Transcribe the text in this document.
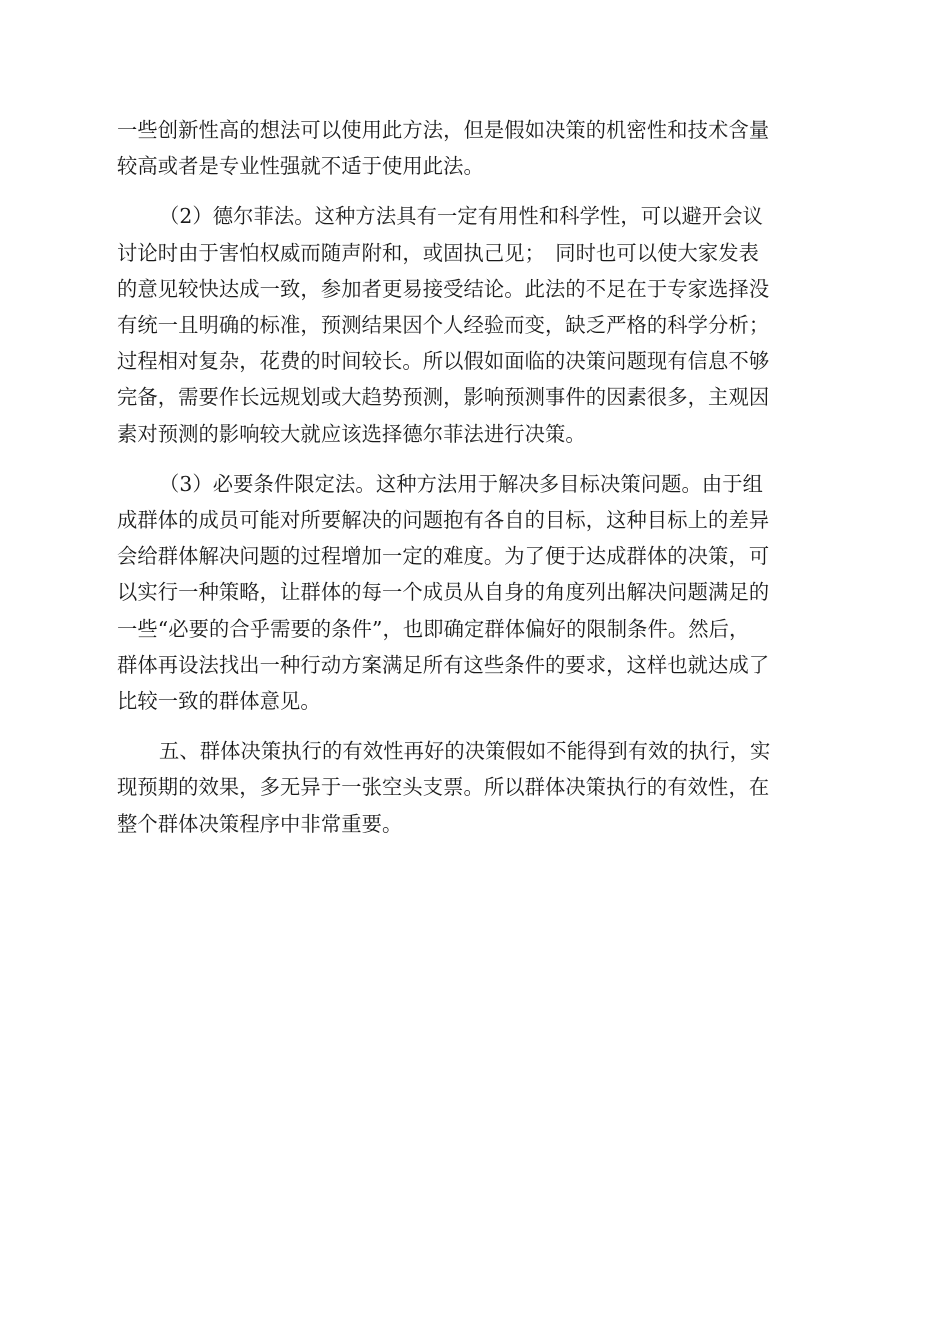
一些创新性高的想法可以使用此方法，但是假如决策的机密性和技术含量
较高或者是专业性强就不适于使用此法。
（2）德尔菲法。这种方法具有一定有用性和科学性，可以避开会议
讨论时由于害怕权威而随声附和，或固执己见；　同时也可以使大家发表
的意见较快达成一致，参加者更易接受结论。此法的不足在于专家选择没
有统一且明确的标准，预测结果因个人经验而变，缺乏严格的科学分析；
过程相对复杂，花费的时间较长。所以假如面临的决策问题现有信息不够
完备，需要作长远规划或大趋势预测，影响预测事件的因素很多，主观因
素对预测的影响较大就应该选择德尔菲法进行决策。
（3）必要条件限定法。这种方法用于解决多目标决策问题。由于组
成群体的成员可能对所要解决的问题抱有各自的目标，这种目标上的差异
会给群体解决问题的过程增加一定的难度。为了便于达成群体的决策，可
以实行一种策略，让群体的每一个成员从自身的角度列出解决问题满足的
一些“必要的合乎需要的条件”，也即确定群体偏好的限制条件。然后，
群体再设法找出一种行动方案满足所有这些条件的要求，这样也就达成了
比较一致的群体意见。
五、群体决策执行的有效性再好的决策假如不能得到有效的执行，实
现预期的效果，多无异于一张空头支票。所以群体决策执行的有效性，在
整个群体决策程序中非常重要。
